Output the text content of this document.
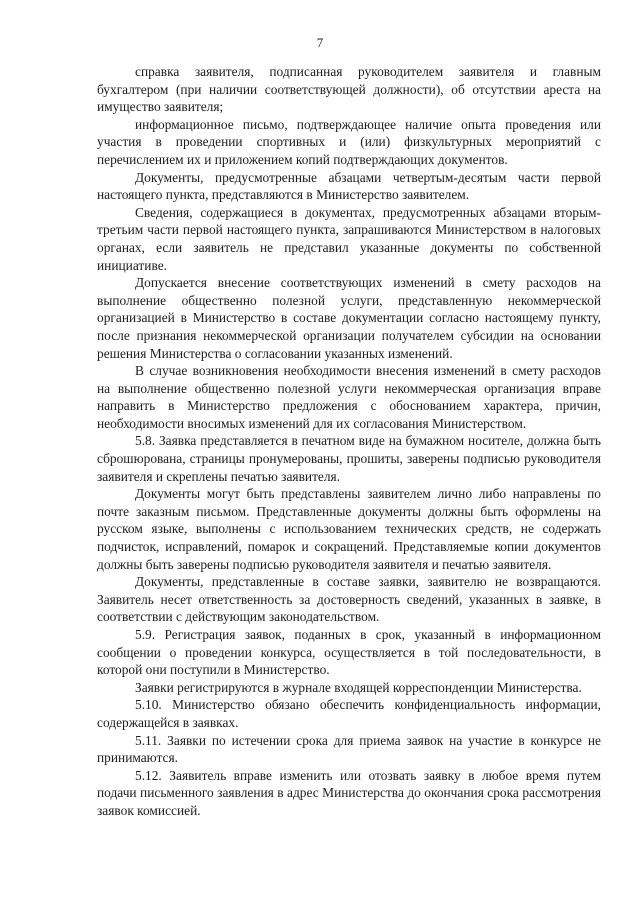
7

справка заявителя, подписанная руководителем заявителя и главным бухгалтером (при наличии соответствующей должности), об отсутствии ареста на имущество заявителя;

информационное письмо, подтверждающее наличие опыта проведения или участия в проведении спортивных и (или) физкультурных мероприятий с перечислением их и приложением копий подтверждающих документов.

Документы, предусмотренные абзацами четвертым-десятым части первой настоящего пункта, представляются в Министерство заявителем.

Сведения, содержащиеся в документах, предусмотренных абзацами вторым-третьим части первой настоящего пункта, запрашиваются Министерством в налоговых органах, если заявитель не представил указанные документы по собственной инициативе.

Допускается внесение соответствующих изменений в смету расходов на выполнение общественно полезной услуги, представленную некоммерческой организацией в Министерство в составе документации согласно настоящему пункту, после признания некоммерческой организации получателем субсидии на основании решения Министерства о согласовании указанных изменений.

В случае возникновения необходимости внесения изменений в смету расходов на выполнение общественно полезной услуги некоммерческая организация вправе направить в Министерство предложения с обоснованием характера, причин, необходимости вносимых изменений для их согласования Министерством.

5.8. Заявка представляется в печатном виде на бумажном носителе, должна быть сброшюрована, страницы пронумерованы, прошиты, заверены подписью руководителя заявителя и скреплены печатью заявителя.

Документы могут быть представлены заявителем лично либо направлены по почте заказным письмом. Представленные документы должны быть оформлены на русском языке, выполнены с использованием технических средств, не содержать подчисток, исправлений, помарок и сокращений. Представляемые копии документов должны быть заверены подписью руководителя заявителя и печатью заявителя.

Документы, представленные в составе заявки, заявителю не возвращаются. Заявитель несет ответственность за достоверность сведений, указанных в заявке, в соответствии с действующим законодательством.

5.9. Регистрация заявок, поданных в срок, указанный в информационном сообщении о проведении конкурса, осуществляется в той последовательности, в которой они поступили в Министерство.

Заявки регистрируются в журнале входящей корреспонденции Министерства.

5.10. Министерство обязано обеспечить конфиденциальность информации, содержащейся в заявках.

5.11. Заявки по истечении срока для приема заявок на участие в конкурсе не принимаются.

5.12. Заявитель вправе изменить или отозвать заявку в любое время путем подачи письменного заявления в адрес Министерства до окончания срока рассмотрения заявок комиссией.
